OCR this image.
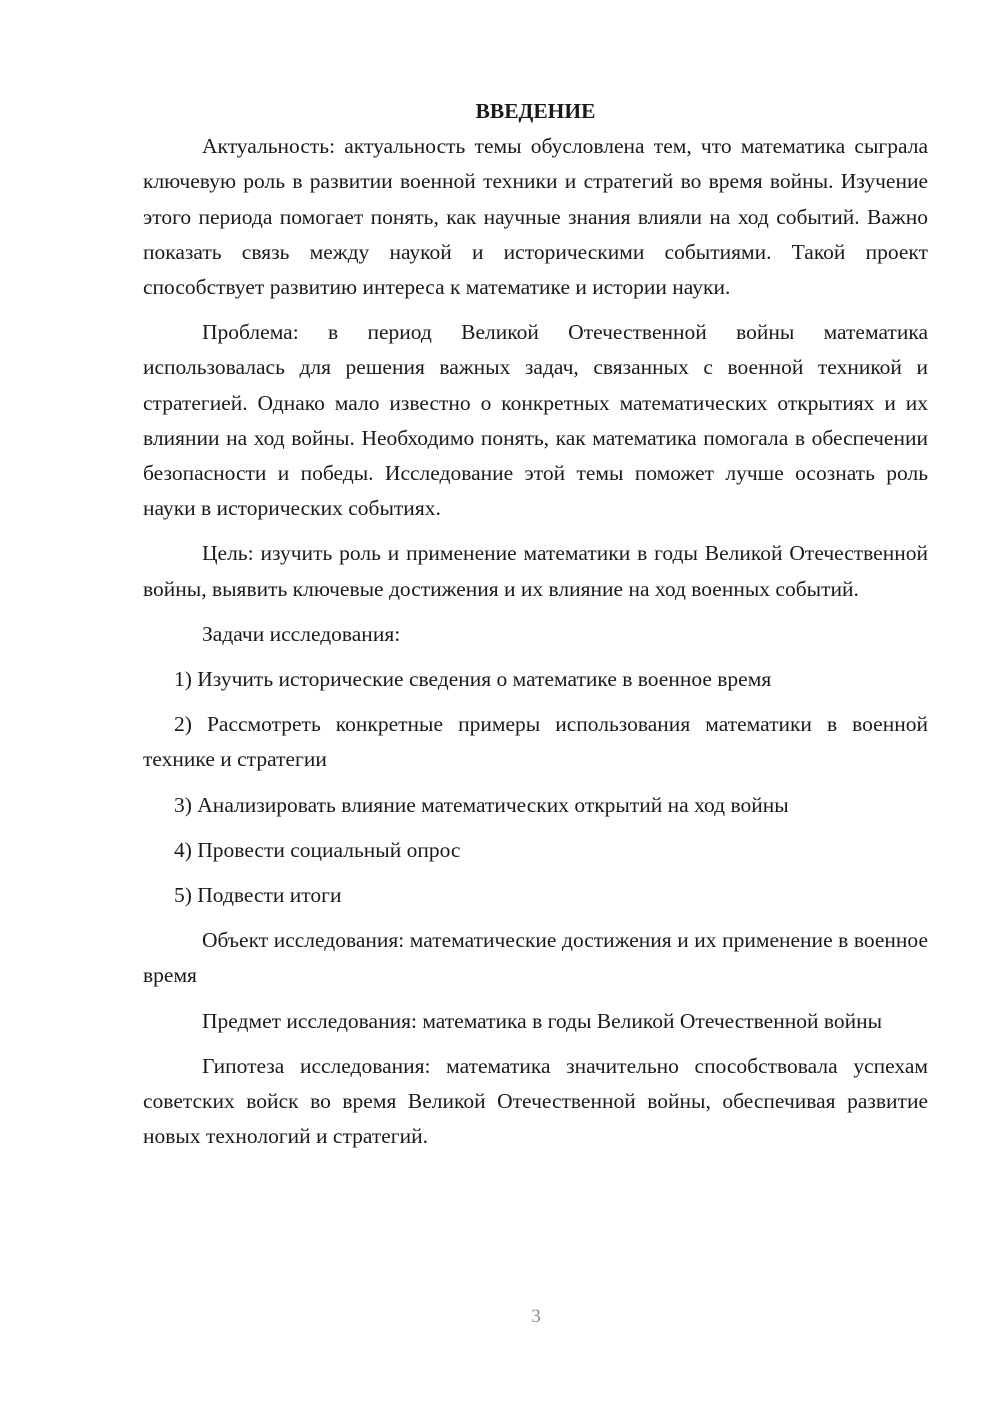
ВВЕДЕНИЕ

Актуальность: актуальность темы обусловлена тем, что математика сыграла ключевую роль в развитии военной техники и стратегий во время войны. Изучение этого периода помогает понять, как научные знания влияли на ход событий. Важно показать связь между наукой и историческими событиями. Такой проект способствует развитию интереса к математике и истории науки.

Проблема: в период Великой Отечественной войны математика использовалась для решения важных задач, связанных с военной техникой и стратегией. Однако мало известно о конкретных математических открытиях и их влиянии на ход войны. Необходимо понять, как математика помогала в обеспечении безопасности и победы. Исследование этой темы поможет лучше осознать роль науки в исторических событиях.

Цель: изучить роль и применение математики в годы Великой Отечественной войны, выявить ключевые достижения и их влияние на ход военных событий.

Задачи исследования:

1) Изучить исторические сведения о математике в военное время

2) Рассмотреть конкретные примеры использования математики в военной технике и стратегии

3) Анализировать влияние математических открытий на ход войны

4) Провести социальный опрос

5) Подвести итоги

Объект исследования: математические достижения и их применение в военное время

Предмет исследования: математика в годы Великой Отечественной войны

Гипотеза исследования: математика значительно способствовала успехам советских войск во время Великой Отечественной войны, обеспечивая развитие новых технологий и стратегий.

3
